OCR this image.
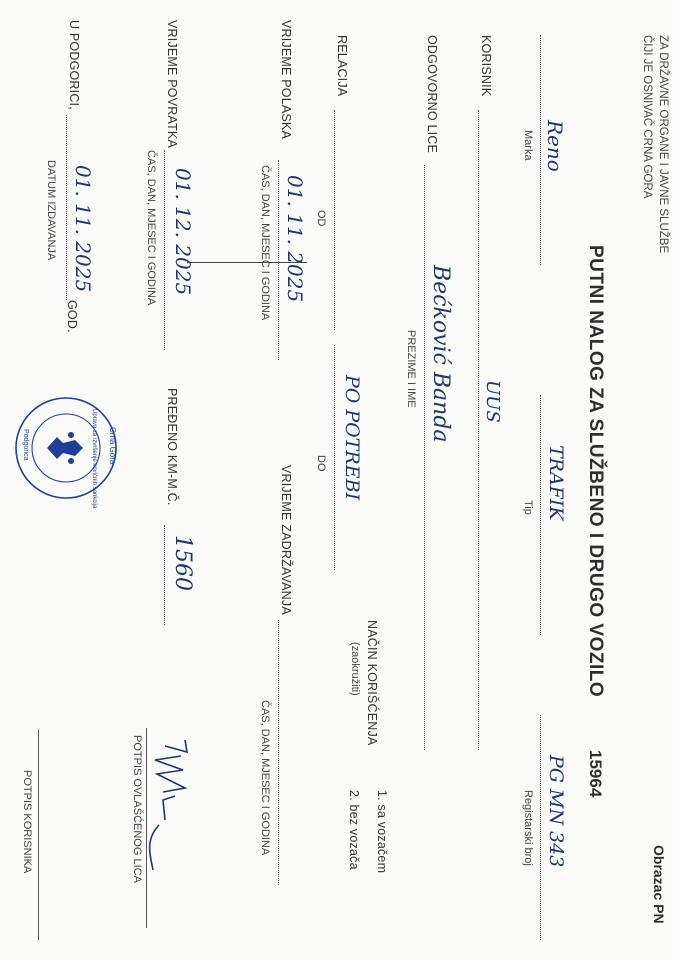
ZA DRŽAVNE ORGANE I JAVNE SLUŽBE
ČIJI JE OSNIVAČ CRNA GORA
Obrazac PN
PUTNI NALOG ZA SLUŽBENO I DRUGO VOZILO
15964
Reno
Marka
TRAFIK
Tip
PG MN 343
Registarski broj
KORISNIK
UUS
ODGOVORNO LICE
Bećković Banda
PREZIME I IME
NAČIN KORIŠĆENJA
(zaokružiti)
1. sa vozačem
2. bez vozača
RELACIJA
OD
PO POTREBI
DO
VRIJEME POLASKA
01. 11. 2025
ČAS, DAN, MJESEC I GODINA
VRIJEME ZADRŽAVANJA
ČAS, DAN, MJESEC I GODINA
VRIJEME POVRATKA
01. 12. 2025
ČAS, DAN, MJESEC I GODINA
PREĐENO KM-M.Č.
1560
POTPIS OVLAŠĆENOG LICA
U PODGORICI,
01. 11. 2025
GOD.
DATUM IZDAVANJA
Crna Gora
Uprava za izvršenje krivičnih sankcija
Podgorica
POTPIS KORISNIKA
